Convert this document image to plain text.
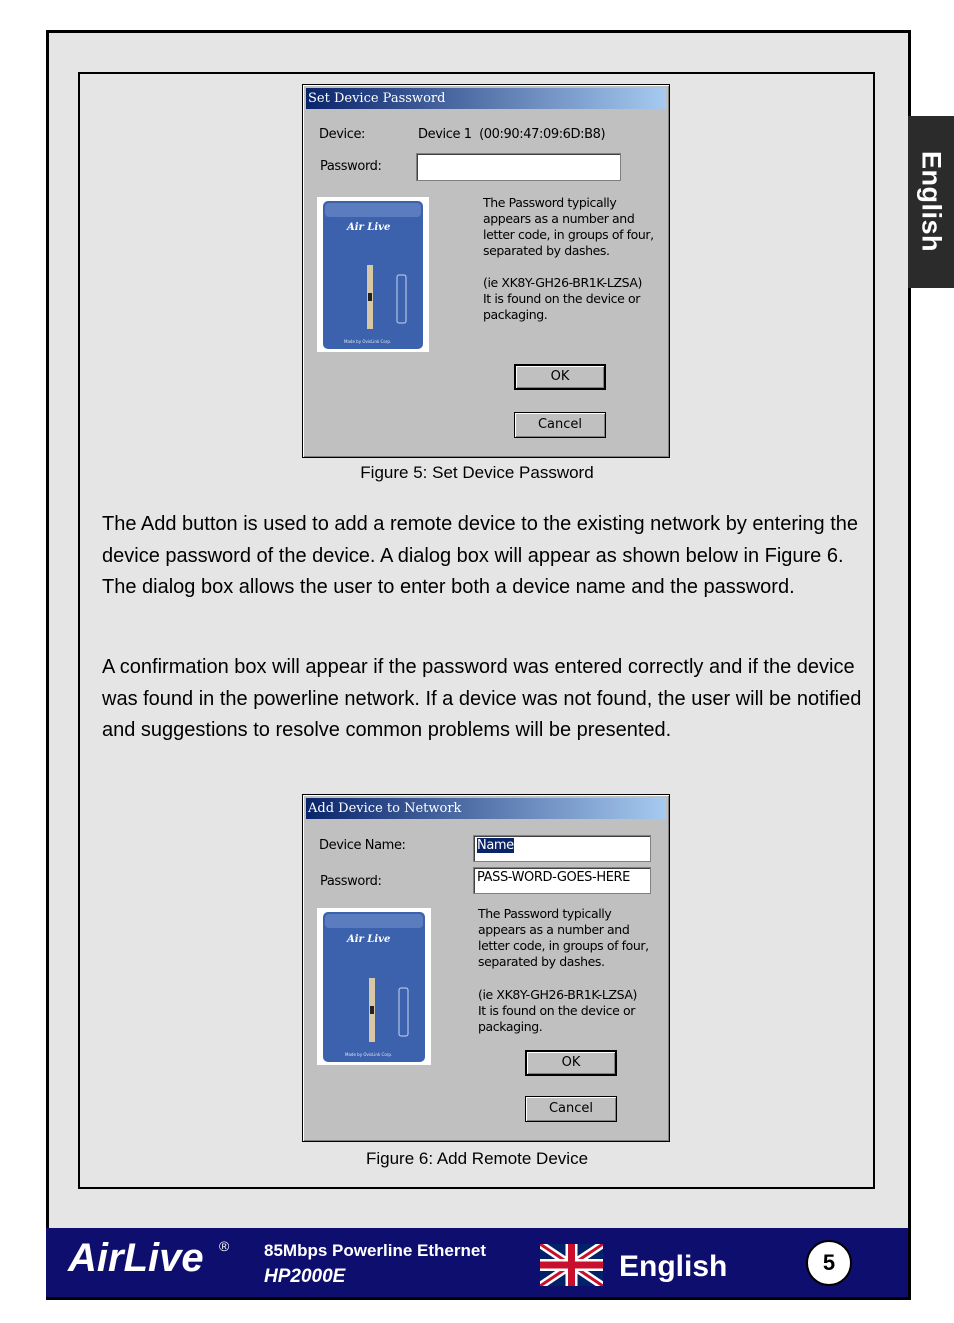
English
Set Device Password
Device:	Device 1  (00:90:47:09:6D:B8)
Password:
Air Live
Made by OvisLink Corp.
The Password typically
appears as a number and
letter code, in groups of four,
separated by dashes.
(ie XK8Y-GH26-BR1K-LZSA)
It is found on the device or
packaging.
OK
Cancel
Figure 5: Set Device Password

The Add button is used to add a remote device to the existing network by entering the device password of the device. A dialog box will appear as shown below in Figure 6. The dialog box allows the user to enter both a device name and the password.

A confirmation box will appear if the password was entered correctly and if the device was found in the powerline network. If a device was not found, the user will be notified and suggestions to resolve common problems will be presented.

Add Device to Network
Device Name:	Name
Password:	PASS-WORD-GOES-HERE
Air Live
Made by OvisLink Corp.
The Password typically
appears as a number and
letter code, in groups of four,
separated by dashes.
(ie XK8Y-GH26-BR1K-LZSA)
It is found on the device or
packaging.
OK
Cancel
Figure 6: Add Remote Device
AirLive ® 85Mbps Powerline Ethernet
HP2000E	English	5
